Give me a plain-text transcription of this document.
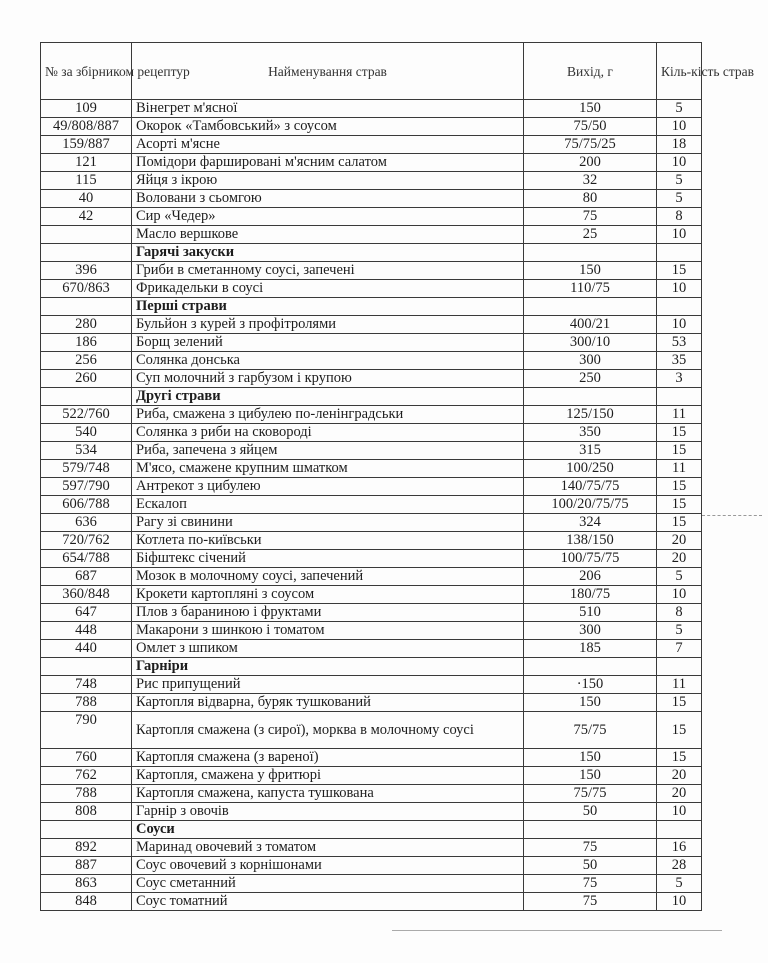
№ за збірником рецептур	Найменування страв	Вихід, г	Кіль-кість страв
109	Вінегрет м'ясної	150	5
49/808/887	Окорок «Тамбовський» з соусом	75/50	10
159/887	Асорті м'ясне	75/75/25	18
121	Помідори фаршировані м'ясним салатом	200	10
115	Яйця з ікрою	32	5
40	Воловани з сьомгою	80	5
42	Сир «Чедер»	75	8
	Масло вершкове	25	10
	Гарячі закуски		
396	Гриби в сметанному соусі, запечені	150	15
670/863	Фрикадельки в соусі	110/75	10
	Перші страви		
280	Бульйон з курей з профітролями	400/21	10
186	Борщ зелений	300/10	53
256	Солянка донська	300	35
260	Суп молочний з гарбузом і крупою	250	3
	Другі страви		
522/760	Риба, смажена з цибулею по-ленінградськи	125/150	11
540	Солянка з риби на сковороді	350	15
534	Риба, запечена з яйцем	315	15
579/748	М'ясо, смажене крупним шматком	100/250	11
597/790	Антрекот з цибулею	140/75/75	15
606/788	Ескалоп	100/20/75/75	15
636	Рагу зі свинини	324	15
720/762	Котлета по-київськи	138/150	20
654/788	Біфштекс січений	100/75/75	20
687	Мозок в молочному соусі, запечений	206	5
360/848	Крокети картопляні з соусом	180/75	10
647	Плов з бараниною і фруктами	510	8
448	Макарони з шинкою і томатом	300	5
440	Омлет з шпиком	185	7
	Гарніри		
748	Рис припущений	·150	11
788	Картопля відварна, буряк тушкований	150	15
790	Картопля смажена (з сирої), морква в молочному соусі	75/75	15
760	Картопля смажена (з вареної)	150	15
762	Картопля, смажена у фритюрі	150	20
788	Картопля смажена, капуста тушкована	75/75	20
808	Гарнір з овочів	50	10
	Соуси		
892	Маринад овочевий з томатом	75	16
887	Соус овочевий з корнішонами	50	28
863	Соус сметанний	75	5
848	Соус томатний	75	10
